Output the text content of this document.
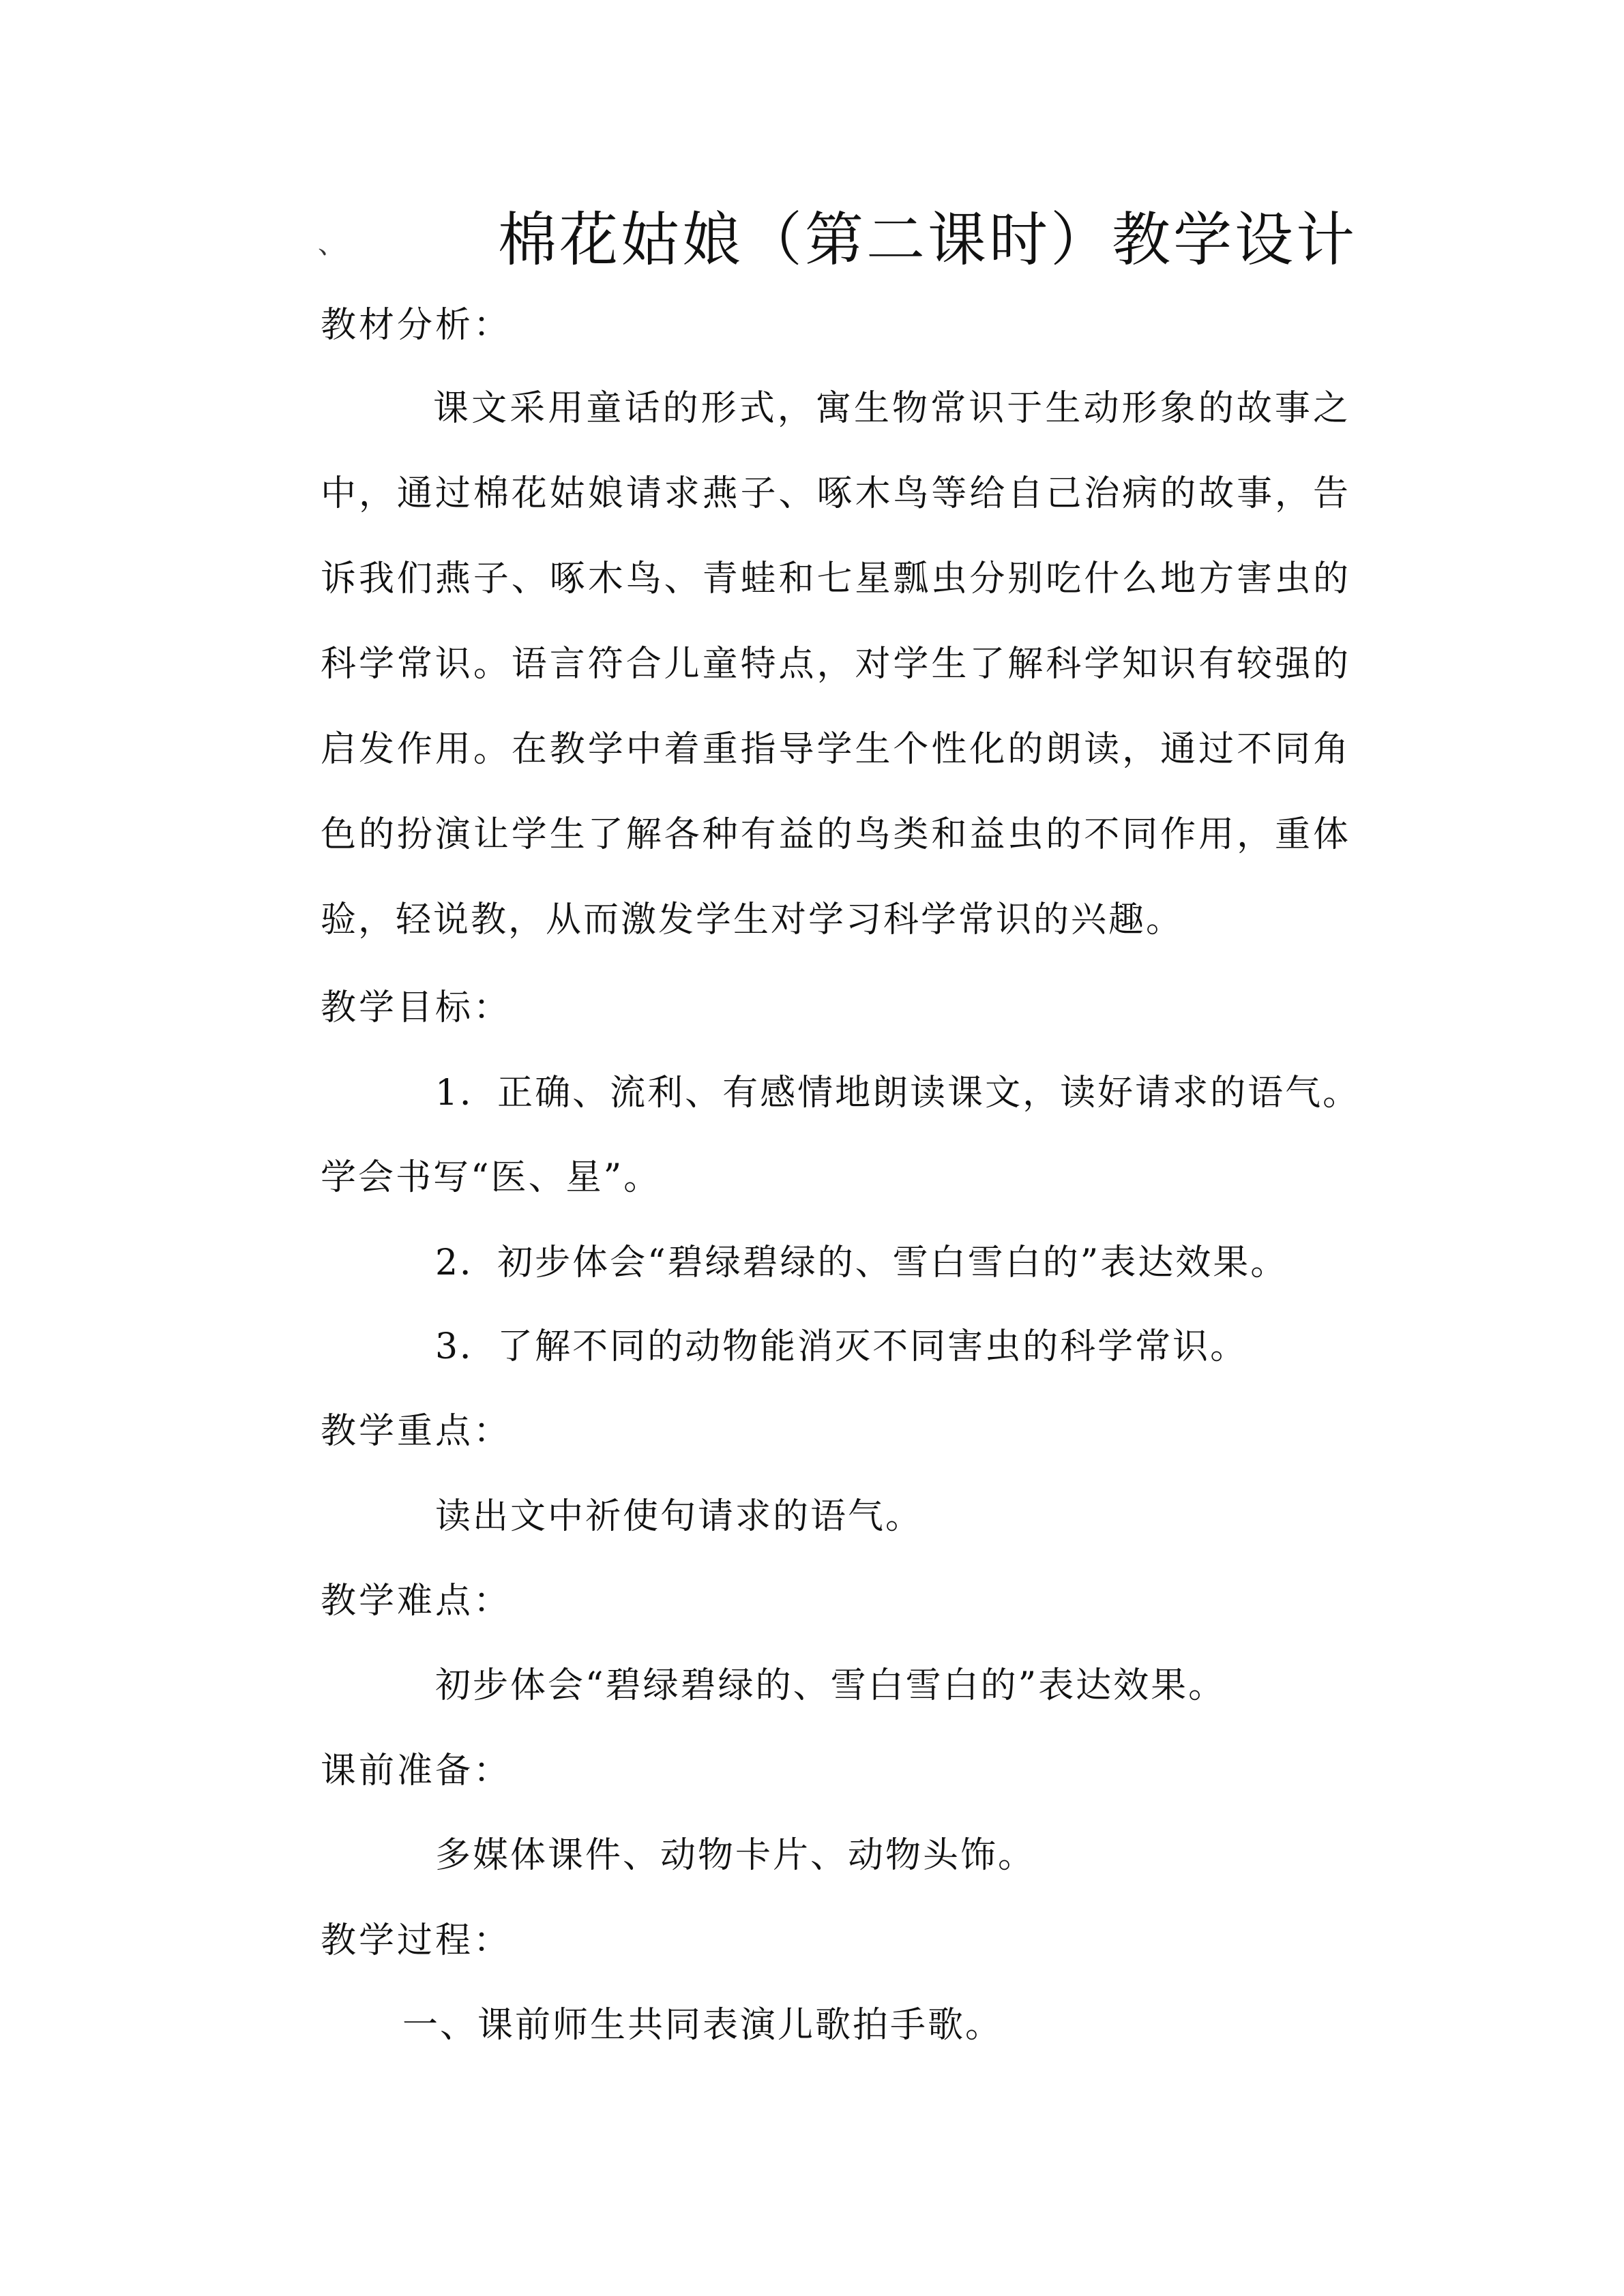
、	棉花姑娘（第二课时）教学设计
教材分析：
课文采用童话的形式，寓生物常识于生动形象的故事之中，通过棉花姑娘请求燕子、啄木鸟等给自己治病的故事，告诉我们燕子、啄木鸟、青蛙和七星瓢虫分别吃什么地方害虫的科学常识。语言符合儿童特点，对学生了解科学知识有较强的启发作用。在教学中着重指导学生个性化的朗读，通过不同角色的扮演让学生了解各种有益的鸟类和益虫的不同作用，重体验，轻说教，从而激发学生对学习科学常识的兴趣。
教学目标：
1．正确、流利、有感情地朗读课文，读好请求的语气。
学会书写“医、星”。
2．初步体会“碧绿碧绿的、雪白雪白的”表达效果。
3．了解不同的动物能消灭不同害虫的科学常识。
教学重点：
读出文中祈使句请求的语气。
教学难点：
初步体会“碧绿碧绿的、雪白雪白的”表达效果。
课前准备：
多媒体课件、动物卡片、动物头饰。
教学过程：
一、课前师生共同表演儿歌拍手歌。
